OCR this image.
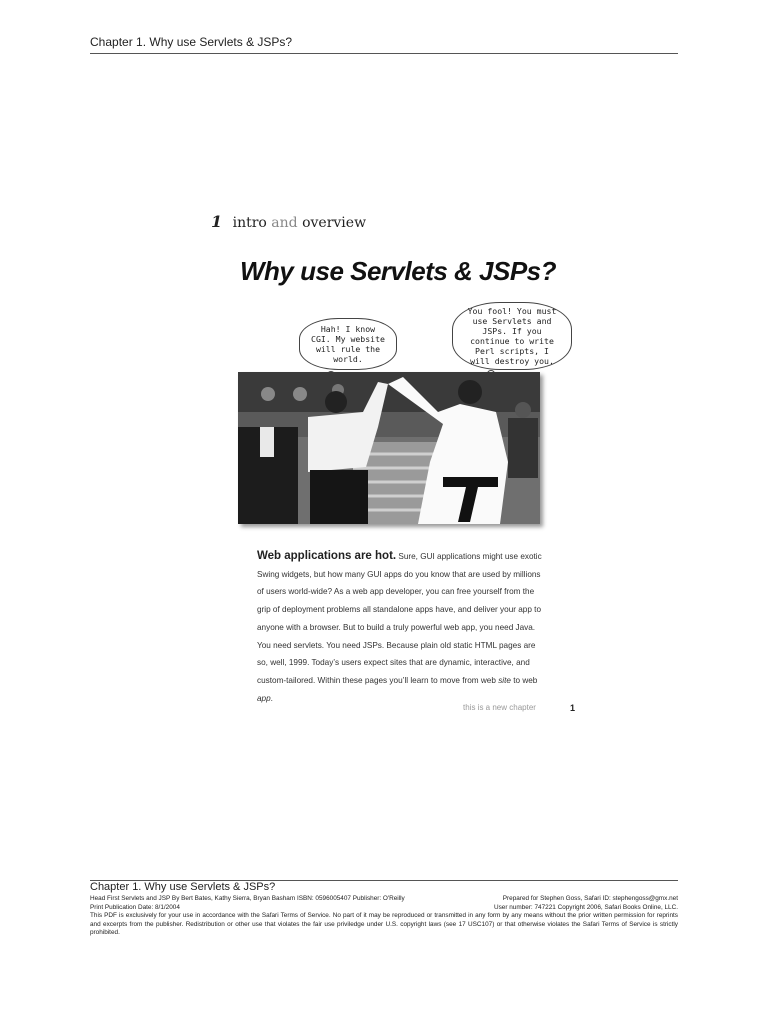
Chapter 1. Why use Servlets & JSPs?
1 intro and overview
Why use Servlets & JSPs?
Hah! I know CGI. My website will rule the world.
You fool! You must use Servlets and JSPs. If you continue to write Perl scripts, I will destroy you.
Web applications are hot. Sure, GUI applications might use exotic Swing widgets, but how many GUI apps do you know that are used by millions of users world-wide? As a web app developer, you can free yourself from the grip of deployment problems all standalone apps have, and deliver your app to anyone with a browser. But to build a truly powerful web app, you need Java. You need servlets. You need JSPs. Because plain old static HTML pages are so, well, 1999. Today’s users expect sites that are dynamic, interactive, and custom-tailored. Within these pages you’ll learn to move from web site to web app.
this is a new chapter	1
Chapter 1. Why use Servlets & JSPs?
Head First Servlets and JSP By Bert Bates, Kathy Sierra, Bryan Basham ISBN: 0596005407 Publisher: O'Reilly	Prepared for Stephen Goss, Safari ID: stephengoss@gmx.net
Print Publication Date: 8/1/2004	User number: 747221 Copyright 2006, Safari Books Online, LLC.
This PDF is exclusively for your use in accordance with the Safari Terms of Service. No part of it may be reproduced or transmitted in any form by any means without the prior written permission for reprints and excerpts from the publisher. Redistribution or other use that violates the fair use priviledge under U.S. copyright laws (see 17 USC107) or that otherwise violates the Safari Terms of Service is strictly prohibited.
